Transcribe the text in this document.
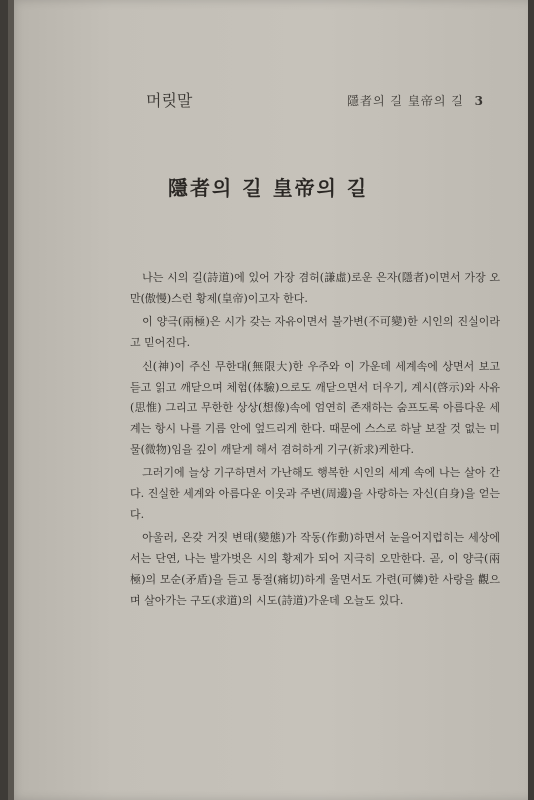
머릿말	隱者의 길 皇帝의 길 3
隱者의 길 皇帝의 길

나는 시의 길(詩道)에 있어 가장 겸허(謙虛)로운 은자(隱者)이면서 가장 오만(傲慢)스런 황제(皇帝)이고자 한다.

이 양극(兩極)은 시가 갖는 자유이면서 불가변(不可變)한 시인의 진실이라고 믿어진다.

신(神)이 주신 무한대(無限大)한 우주와 이 가운데 세계속에 상면서 보고 듣고 읽고 깨닫으며 체험(体驗)으로도 깨닫으면서 더우기, 계시(啓示)와 사유(思惟) 그리고 무한한 상상(想像)속에 엄연히 존재하는 숨프도록 아름다운 세계는 항시 나를 기름 안에 엎드리게 한다. 때문에 스스로 하날 보잘 것 없는 미물(微物)임을 깊이 깨닫게 해서 겸허하게 기구(祈求)케한다.

그러기에 늘상 기구하면서 가난해도 행복한 시인의 세계 속에 나는 살아 간다. 진실한 세계와 아름다운 이웃과 주변(周邊)을 사랑하는 자신(自身)을 얻는다.

아울러, 온갖 거짓 변태(變態)가 작동(作動)하면서 눈을어지럽히는 세상에서는 단연, 나는 발가벗은 시의 황제가 되어 지극히 오만한다. 곧, 이 양극(兩極)의 모순(矛盾)을 듣고 통절(痛切)하게 울면서도 가련(可憐)한 사랑을 觀으며 살아가는 구도(求道)의 시도(詩道)가운데 오늘도 있다.
